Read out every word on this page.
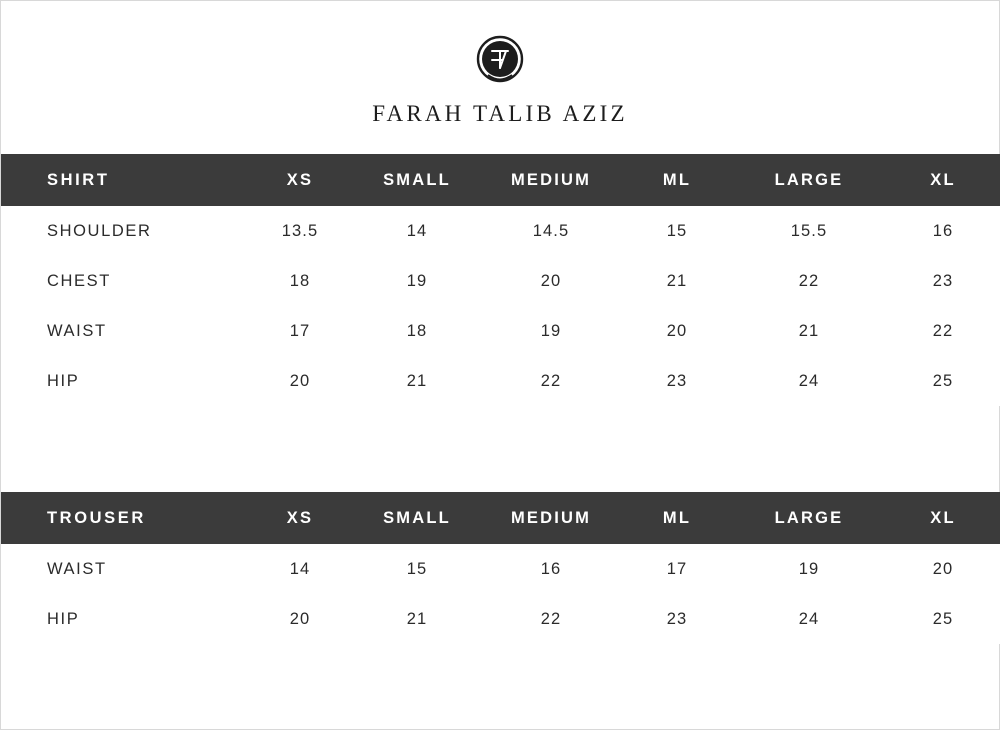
FARAH TALIB AZIZ
SHIRT	XS	SMALL	MEDIUM	ML	LARGE	XL
SHOULDER	13.5	14	14.5	15	15.5	16
CHEST	18	19	20	21	22	23
WAIST	17	18	19	20	21	22
HIP	20	21	22	23	24	25
TROUSER	XS	SMALL	MEDIUM	ML	LARGE	XL
WAIST	14	15	16	17	19	20
HIP	20	21	22	23	24	25
